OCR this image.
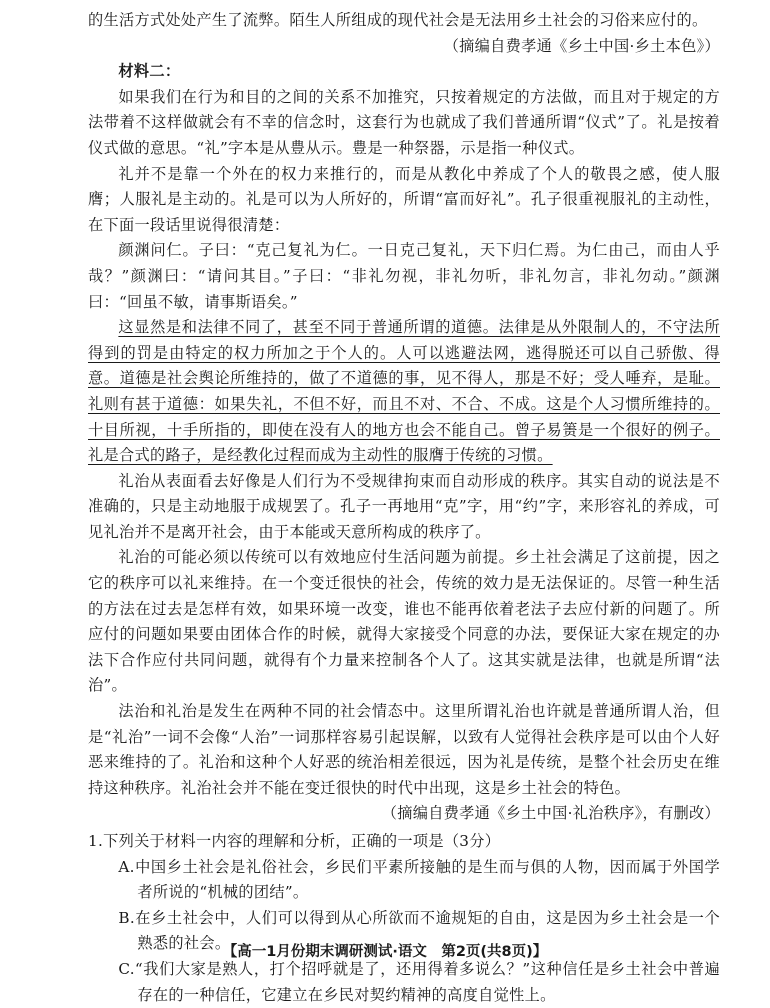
的生活方式处处产生了流弊。陌生人所组成的现代社会是无法用乡土社会的习俗来应付的。

（摘编自费孝通《乡土中国·乡土本色》）

材料二：

如果我们在行为和目的之间的关系不加推究，只按着规定的方法做，而且对于规定的方法带着不这样做就会有不幸的信念时，这套行为也就成了我们普通所谓“仪式”了。礼是按着仪式做的意思。“礼”字本是从豊从示。豊是一种祭器，示是指一种仪式。

礼并不是靠一个外在的权力来推行的，而是从教化中养成了个人的敬畏之感，使人服膺；人服礼是主动的。礼是可以为人所好的，所谓“富而好礼”。孔子很重视服礼的主动性，在下面一段话里说得很清楚：

颜渊问仁。子曰：“克己复礼为仁。一日克己复礼，天下归仁焉。为仁由己，而由人乎哉？”颜渊曰：“请问其目。”子曰：“非礼勿视，非礼勿听，非礼勿言，非礼勿动。”颜渊曰：“回虽不敏，请事斯语矣。”

这显然是和法律不同了，甚至不同于普通所谓的道德。法律是从外限制人的，不守法所得到的罚是由特定的权力所加之于个人的。人可以逃避法网，逃得脱还可以自己骄傲、得意。道德是社会舆论所维持的，做了不道德的事，见不得人，那是不好；受人唾弃，是耻。礼则有甚于道德：如果失礼，不但不好，而且不对、不合、不成。这是个人习惯所维持的。十目所视，十手所指的，即使在没有人的地方也会不能自己。曾子易箦是一个很好的例子。礼是合式的路子，是经教化过程而成为主动性的服膺于传统的习惯。

礼治从表面看去好像是人们行为不受规律拘束而自动形成的秩序。其实自动的说法是不准确的，只是主动地服于成规罢了。孔子一再地用“克”字，用“约”字，来形容礼的养成，可见礼治并不是离开社会，由于本能或天意所构成的秩序了。

礼治的可能必须以传统可以有效地应付生活问题为前提。乡土社会满足了这前提，因之它的秩序可以礼来维持。在一个变迁很快的社会，传统的效力是无法保证的。尽管一种生活的方法在过去是怎样有效，如果环境一改变，谁也不能再依着老法子去应付新的问题了。所应付的问题如果要由团体合作的时候，就得大家接受个同意的办法，要保证大家在规定的办法下合作应付共同问题，就得有个力量来控制各个人了。这其实就是法律，也就是所谓“法治”。

法治和礼治是发生在两种不同的社会情态中。这里所谓礼治也许就是普通所谓人治，但是“礼治”一词不会像“人治”一词那样容易引起误解，以致有人觉得社会秩序是可以由个人好恶来维持的了。礼治和这种个人好恶的统治相差很远，因为礼是传统，是整个社会历史在维持这种秩序。礼治社会并不能在变迁很快的时代中出现，这是乡土社会的特色。

（摘编自费孝通《乡土中国·礼治秩序》，有删改）

1.下列关于材料一内容的理解和分析，正确的一项是（3分）

A.中国乡土社会是礼俗社会，乡民们平素所接触的是生而与俱的人物，因而属于外国学者所说的“机械的团结”。

B.在乡土社会中，人们可以得到从心所欲而不逾规矩的自由，这是因为乡土社会是一个熟悉的社会。

C.“我们大家是熟人，打个招呼就是了，还用得着多说么？”这种信任是乡土社会中普遍存在的一种信任，它建立在乡民对契约精神的高度自觉性上。

【高一1月份期末调研测试·语文　第2页(共8页)】
